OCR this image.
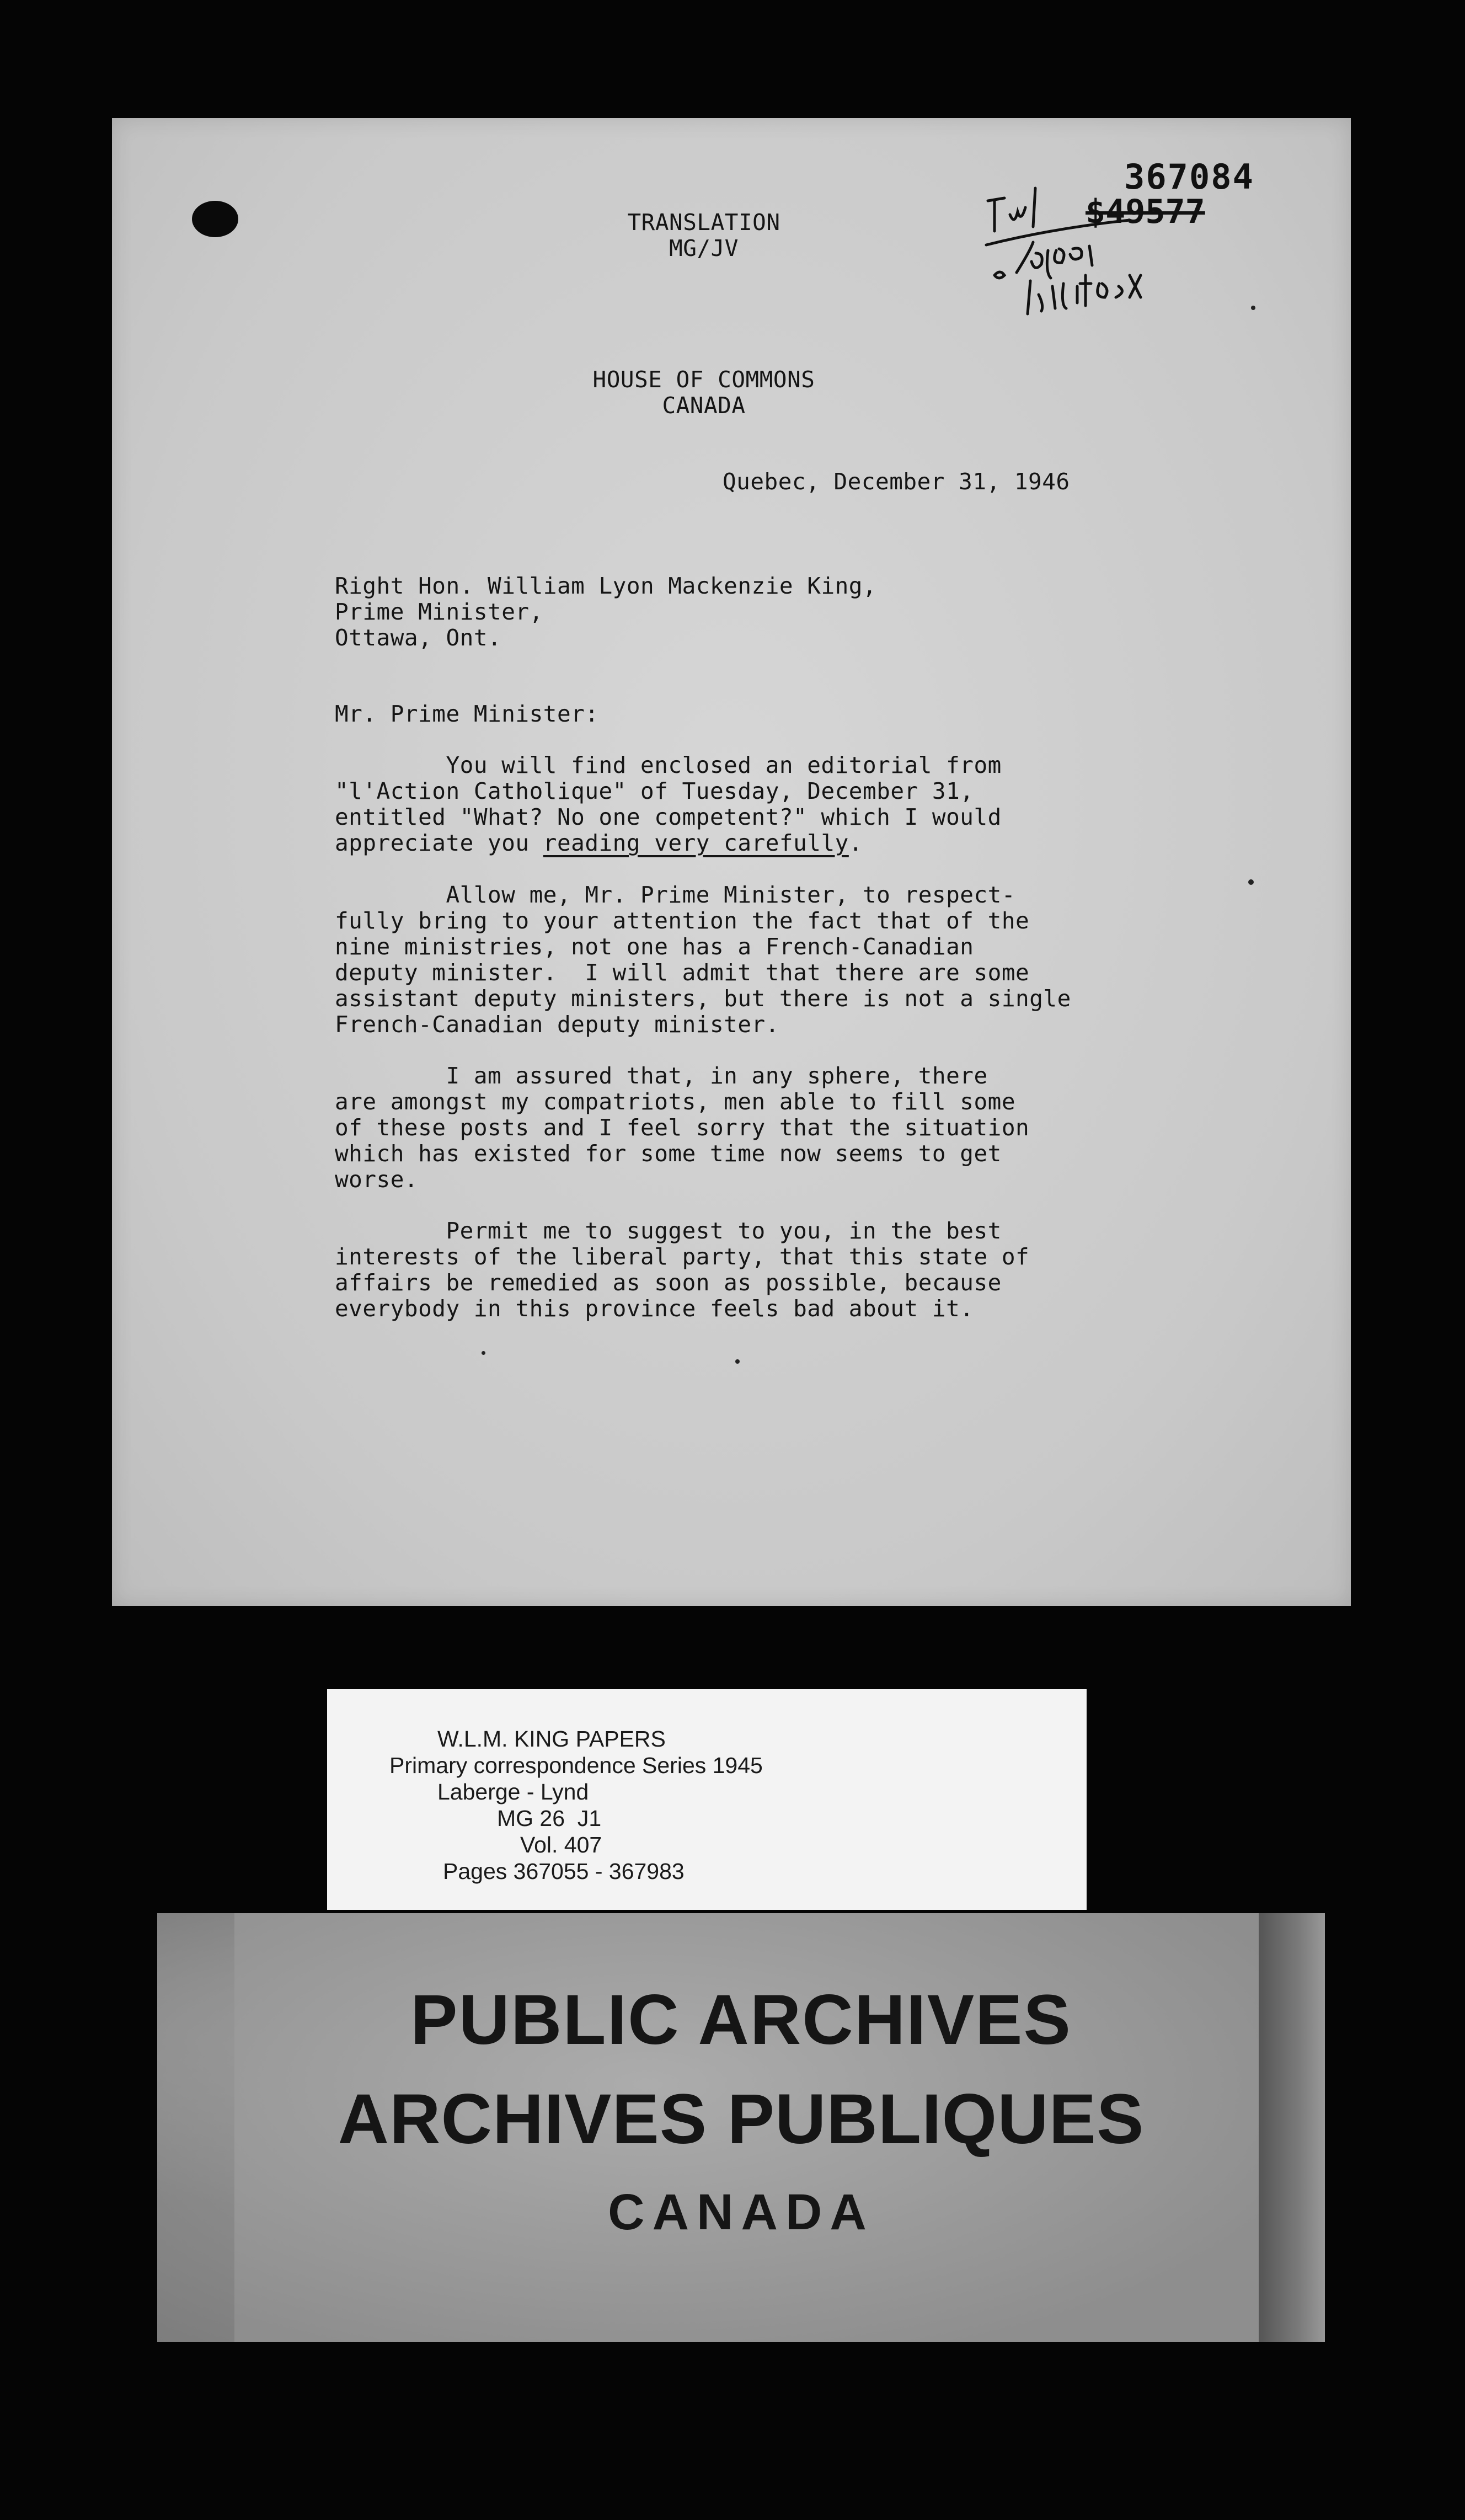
367084
$49577
TRANSLATION
MG/JV
HOUSE OF COMMONS
CANADA
Quebec, December 31, 1946
Right Hon. William Lyon Mackenzie King,
Prime Minister,
Ottawa, Ont.
Mr. Prime Minister:
You will find enclosed an editorial from
"l'Action Catholique" of Tuesday, December 31,
entitled "What? No one competent?" which I would
appreciate you reading very carefully.
Allow me, Mr. Prime Minister, to respect-
fully bring to your attention the fact that of the
nine ministries, not one has a French-Canadian
deputy minister.  I will admit that there are some
assistant deputy ministers, but there is not a single
French-Canadian deputy minister.
I am assured that, in any sphere, there
are amongst my compatriots, men able to fill some
of these posts and I feel sorry that the situation
which has existed for some time now seems to get
worse.
Permit me to suggest to you, in the best
interests of the liberal party, that this state of
affairs be remedied as soon as possible, because
everybody in this province feels bad about it.
W.L.M. KING PAPERS
Primary correspondence Series 1945
Laberge - Lynd
MG 26  J1
Vol. 407
Pages 367055 - 367983
PUBLIC ARCHIVES
ARCHIVES PUBLIQUES
CANADA
